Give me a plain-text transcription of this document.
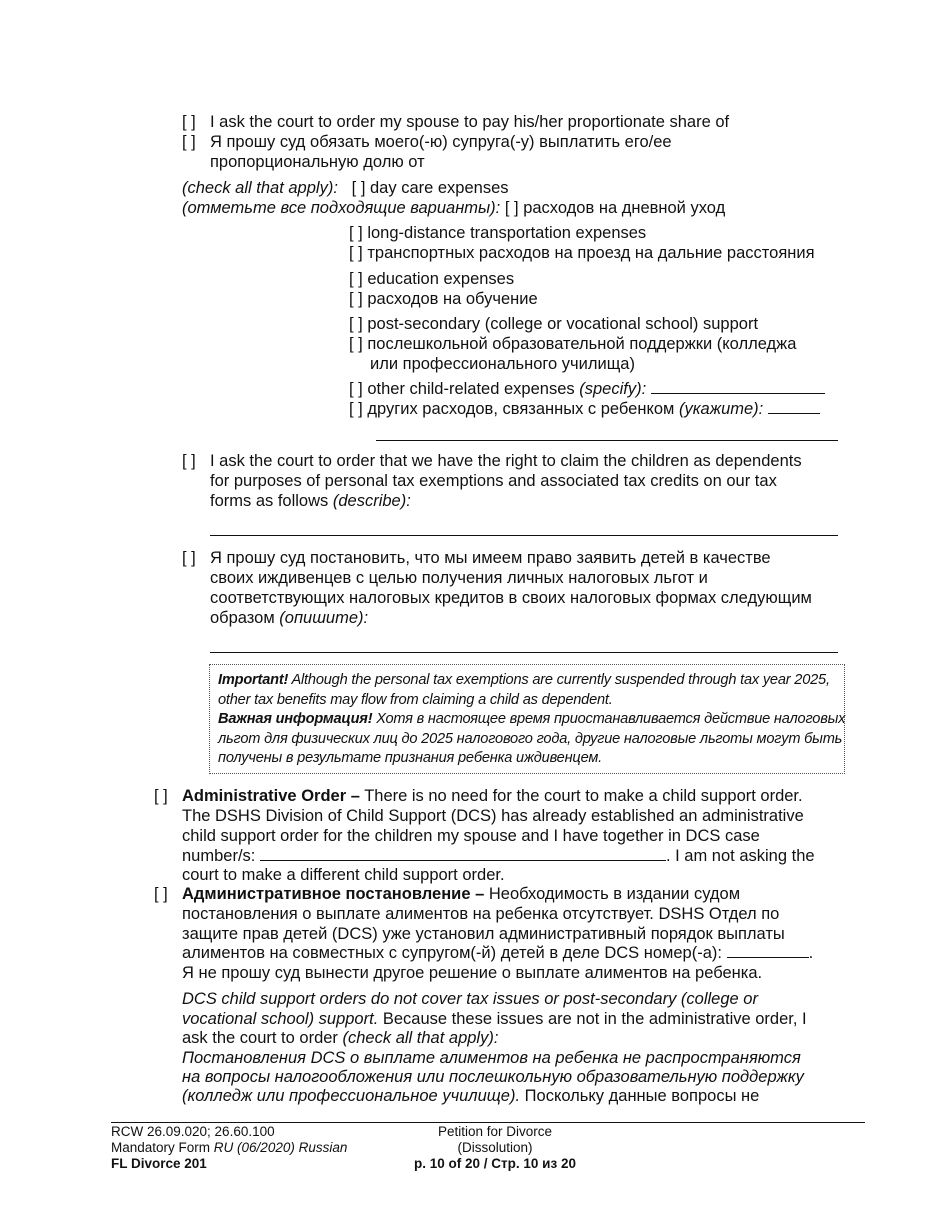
[ ] I ask the court to order my spouse to pay his/her proportionate share of
[ ] Я прошу суд обязать моего(-ю) супруга(-у) выплатить его/ее
пропорциональную долю от
(check all that apply): [ ] day care expenses
(отметьте все подходящие варианты): [ ] расходов на дневной уход
[ ] long-distance transportation expenses
[ ] транспортных расходов на проезд на дальние расстояния
[ ] education expenses
[ ] расходов на обучение
[ ] post-secondary (college or vocational school) support
[ ] послешкольной образовательной поддержки (колледжа
или профессионального училища)
[ ] other child-related expenses (specify):
[ ] других расходов, связанных с ребенком (укажите):
[ ] I ask the court to order that we have the right to claim the children as dependents
for purposes of personal tax exemptions and associated tax credits on our tax
forms as follows (describe):
[ ] Я прошу суд постановить, что мы имеем право заявить детей в качестве
своих иждивенцев с целью получения личных налоговых льгот и
соответствующих налоговых кредитов в своих налоговых формах следующим
образом (опишите):
Important! Although the personal tax exemptions are currently suspended through tax year 2025,
other tax benefits may flow from claiming a child as dependent.
Важная информация! Хотя в настоящее время приостанавливается действие налоговых
льгот для физических лиц до 2025 налогового года, другие налоговые льготы могут быть
получены в результате признания ребенка иждивенцем.
[ ] Administrative Order – There is no need for the court to make a child support order.
The DSHS Division of Child Support (DCS) has already established an administrative
child support order for the children my spouse and I have together in DCS case
number/s:	. I am not asking the
court to make a different child support order.
[ ] Административное постановление – Необходимость в издании судом
постановления о выплате алиментов на ребенка отсутствует. DSHS Отдел по
защите прав детей (DCS) уже установил административный порядок выплаты
алиментов на совместных с супругом(-й) детей в деле DCS номер(-а):	.
Я не прошу суд вынести другое решение о выплате алиментов на ребенка.
DCS child support orders do not cover tax issues or post-secondary (college or
vocational school) support. Because these issues are not in the administrative order, I
ask the court to order (check all that apply):
Постановления DCS о выплате алиментов на ребенка не распространяются
на вопросы налогообложения или послешкольную образовательную поддержку
(колледж или профессиональное училище). Поскольку данные вопросы не
RCW 26.09.020; 26.60.100
Mandatory Form RU (06/2020) Russian
FL Divorce 201
Petition for Divorce
(Dissolution)
p. 10 of 20 / Стр. 10 из 20
